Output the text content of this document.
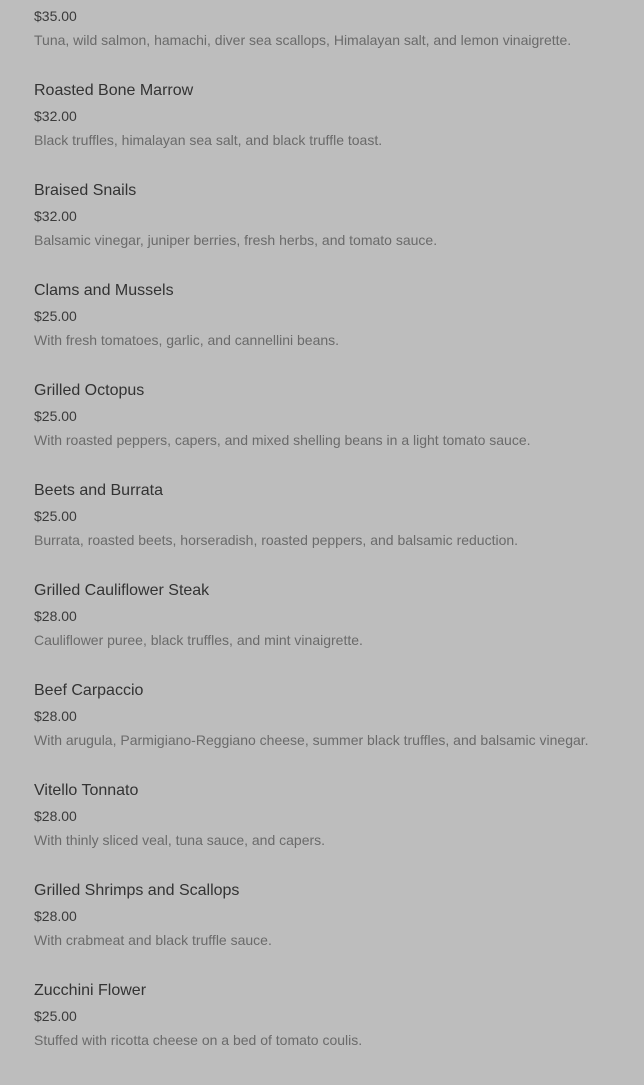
$35.00
Tuna, wild salmon, hamachi, diver sea scallops, Himalayan salt, and lemon vinaigrette.
Roasted Bone Marrow
$32.00
Black truffles, himalayan sea salt, and black truffle toast.
Braised Snails
$32.00
Balsamic vinegar, juniper berries, fresh herbs, and tomato sauce.
Clams and Mussels
$25.00
With fresh tomatoes, garlic, and cannellini beans.
Grilled Octopus
$25.00
With roasted peppers, capers, and mixed shelling beans in a light tomato sauce.
Beets and Burrata
$25.00
Burrata, roasted beets, horseradish, roasted peppers, and balsamic reduction.
Grilled Cauliflower Steak
$28.00
Cauliflower puree, black truffles, and mint vinaigrette.
Beef Carpaccio
$28.00
With arugula, Parmigiano-Reggiano cheese, summer black truffles, and balsamic vinegar.
Vitello Tonnato
$28.00
With thinly sliced veal, tuna sauce, and capers.
Grilled Shrimps and Scallops
$28.00
With crabmeat and black truffle sauce.
Zucchini Flower
$25.00
Stuffed with ricotta cheese on a bed of tomato coulis.
